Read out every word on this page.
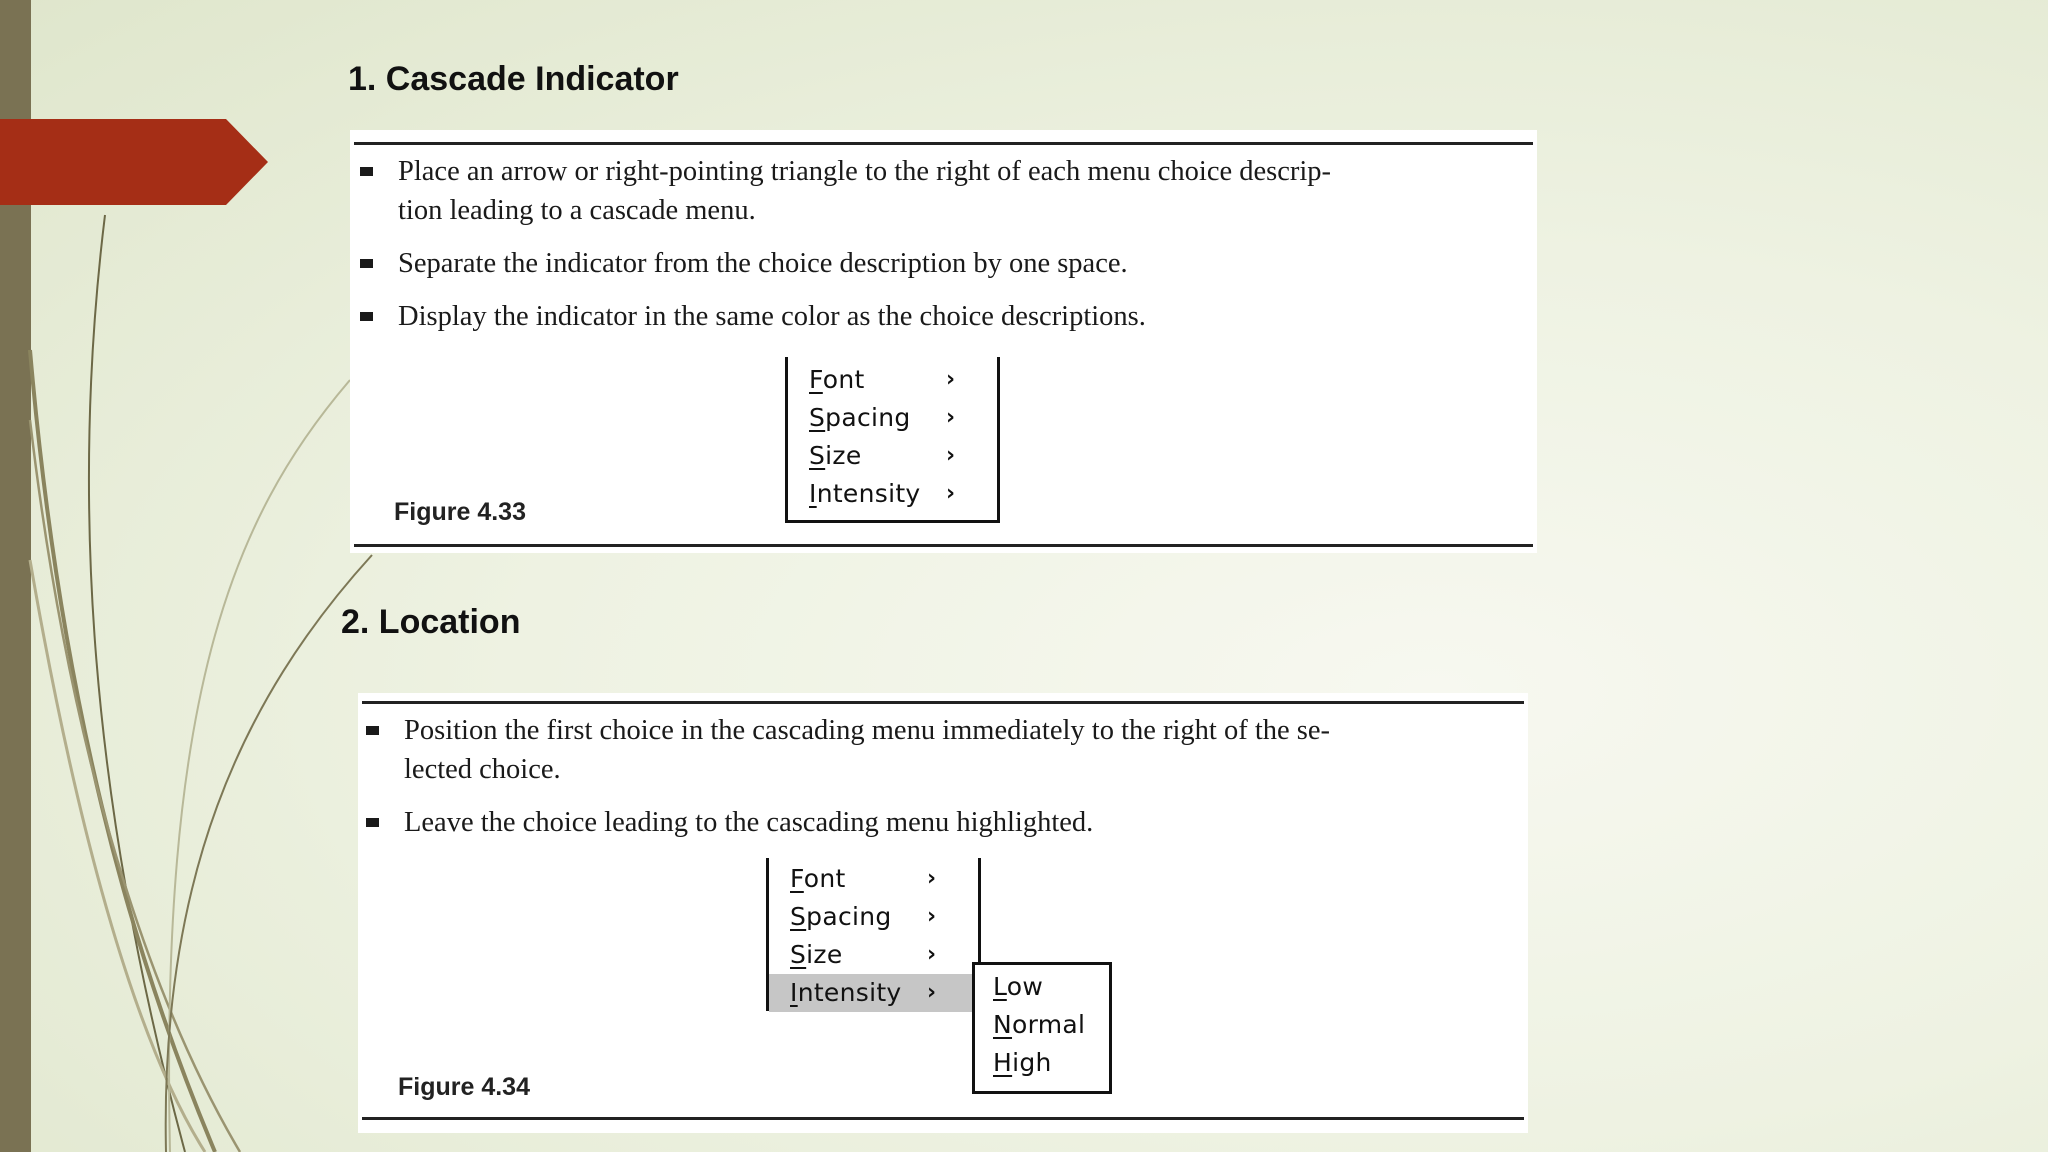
1. Cascade Indicator
Place an arrow or right-pointing triangle to the right of each menu choice descrip-
tion leading to a cascade menu.
Separate the indicator from the choice description by one space.
Display the indicator in the same color as the choice descriptions.
Font	›
Spacing ›
Size	›
Intensity ›
Figure 4.33
2. Location
Position the first choice in the cascading menu immediately to the right of the se-
lected choice.
Leave the choice leading to the cascading menu highlighted.
Font	›
Spacing ›
Size	›
Intensity › Low
Normal
High
Figure 4.34
